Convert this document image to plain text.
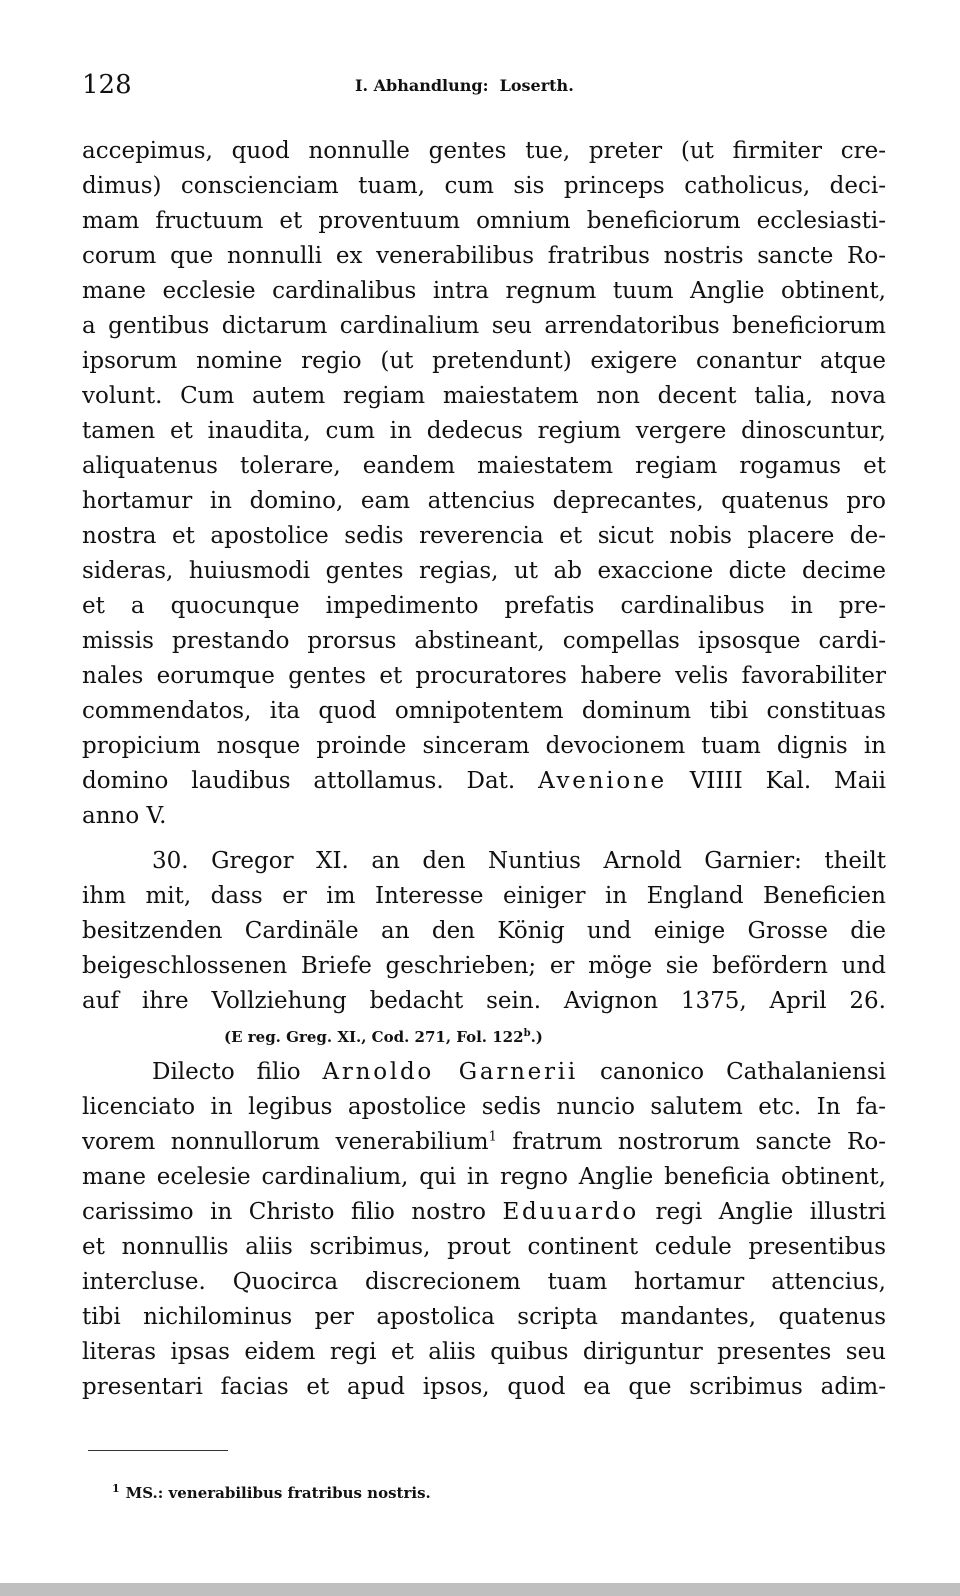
128	I. Abhandlung:  Loserth.
accepimus, quod nonnulle gentes tue, preter (ut firmiter cre-
dimus) conscienciam tuam, cum sis princeps catholicus, deci-
mam fructuum et proventuum omnium beneficiorum ecclesiasti-
corum que nonnulli ex venerabilibus fratribus nostris sancte Ro-
mane ecclesie cardinalibus intra regnum tuum Anglie obtinent,
a gentibus dictarum cardinalium seu arrendatoribus beneficiorum
ipsorum nomine regio (ut pretendunt) exigere conantur atque
volunt. Cum autem regiam maiestatem non decent talia, nova
tamen et inaudita, cum in dedecus regium vergere dinoscuntur,
aliquatenus tolerare, eandem maiestatem regiam rogamus et
hortamur in domino, eam attencius deprecantes, quatenus pro
nostra et apostolice sedis reverencia et sicut nobis placere de-
sideras, huiusmodi gentes regias, ut ab exaccione dicte decime
et a quocunque impedimento prefatis cardinalibus in pre-
missis prestando prorsus abstineant, compellas ipsosque cardi-
nales eorumque gentes et procuratores habere velis favorabiliter
commendatos, ita quod omnipotentem dominum tibi constituas
propicium nosque proinde sinceram devocionem tuam dignis in
domino laudibus attollamus. Dat. Avenione VIIII Kal. Maii
anno V.
30. Gregor XI. an den Nuntius Arnold Garnier: theilt
ihm mit, dass er im Interesse einiger in England Beneficien
besitzenden Cardinäle an den König und einige Grosse die
beigeschlossenen Briefe geschrieben; er möge sie befördern und
auf ihre Vollziehung bedacht sein. Avignon 1375, April 26.
(E reg. Greg. XI., Cod. 271, Fol. 122$^b$.)
Dilecto filio Arnoldo Garnerii canonico Cathalaniensi
licenciato in legibus apostolice sedis nuncio salutem etc. In fa-
vorem nonnullorum venerabilium$^1$ fratrum nostrorum sancte Ro-
mane ecelesie cardinalium, qui in regno Anglie beneficia obtinent,
carissimo in Christo filio nostro Eduuardo regi Anglie illustri
et nonnullis aliis scribimus, prout continent cedule presentibus
intercluse. Quocirca discrecionem tuam hortamur attencius,
tibi nichilominus per apostolica scripta mandantes, quatenus
literas ipsas eidem regi et aliis quibus diriguntur presentes seu
presentari facias et apud ipsos, quod ea que scribimus adim-
$^1$ MS.: venerabilibus fratribus nostris.
